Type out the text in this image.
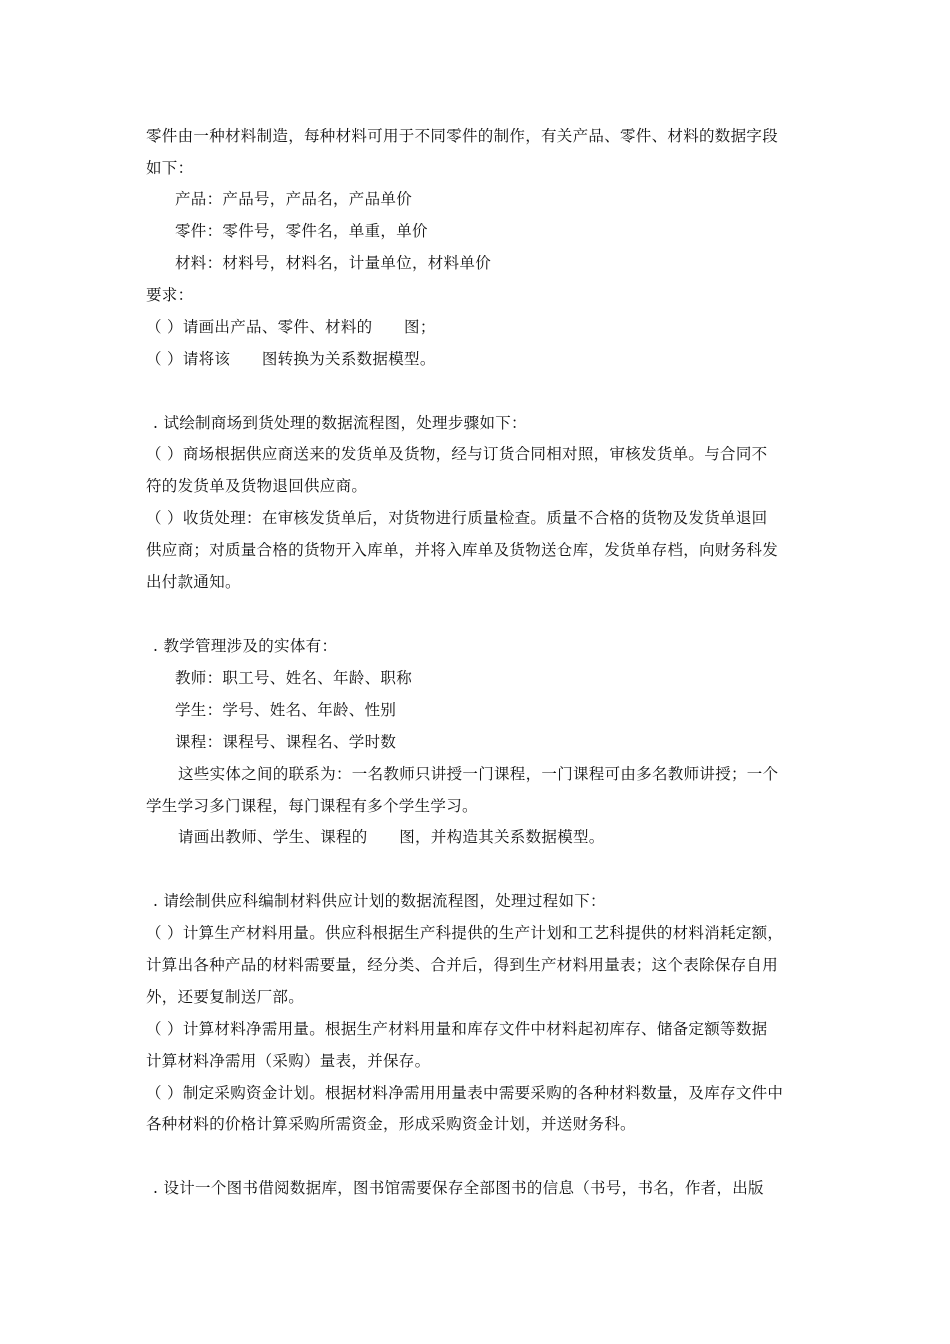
零件由一种材料制造，每种材料可用于不同零件的制作，有关产品、零件、材料的数据字段
如下：
产品：产品号，产品名，产品单价
零件：零件号，零件名，单重，单价
材料：材料号，材料名，计量单位，材料单价
要求：
（ ）请画出产品、零件、材料的　　图；
（ ）请将该　　图转换为关系数据模型。
. 试绘制商场到货处理的数据流程图，处理步骤如下：
（ ）商场根据供应商送来的发货单及货物，经与订货合同相对照，审核发货单。与合同不
符的发货单及货物退回供应商。
（ ）收货处理：在审核发货单后，对货物进行质量检查。质量不合格的货物及发货单退回
供应商；对质量合格的货物开入库单，并将入库单及货物送仓库，发货单存档，向财务科发
出付款通知。
. 教学管理涉及的实体有：
教师：职工号、姓名、年龄、职称
学生：学号、姓名、年龄、性别
课程：课程号、课程名、学时数
这些实体之间的联系为：一名教师只讲授一门课程，一门课程可由多名教师讲授；一个
学生学习多门课程，每门课程有多个学生学习。
请画出教师、学生、课程的　　图，并构造其关系数据模型。
. 请绘制供应科编制材料供应计划的数据流程图，处理过程如下：
（ ）计算生产材料用量。供应科根据生产科提供的生产计划和工艺科提供的材料消耗定额，
计算出各种产品的材料需要量，经分类、合并后，得到生产材料用量表；这个表除保存自用
外，还要复制送厂部。
（ ）计算材料净需用量。根据生产材料用量和库存文件中材料起初库存、储备定额等数据
计算材料净需用（采购）量表，并保存。
（ ）制定采购资金计划。根据材料净需用用量表中需要采购的各种材料数量，及库存文件中
各种材料的价格计算采购所需资金，形成采购资金计划，并送财务科。
. 设计一个图书借阅数据库，图书馆需要保存全部图书的信息（书号，书名，作者，出版
